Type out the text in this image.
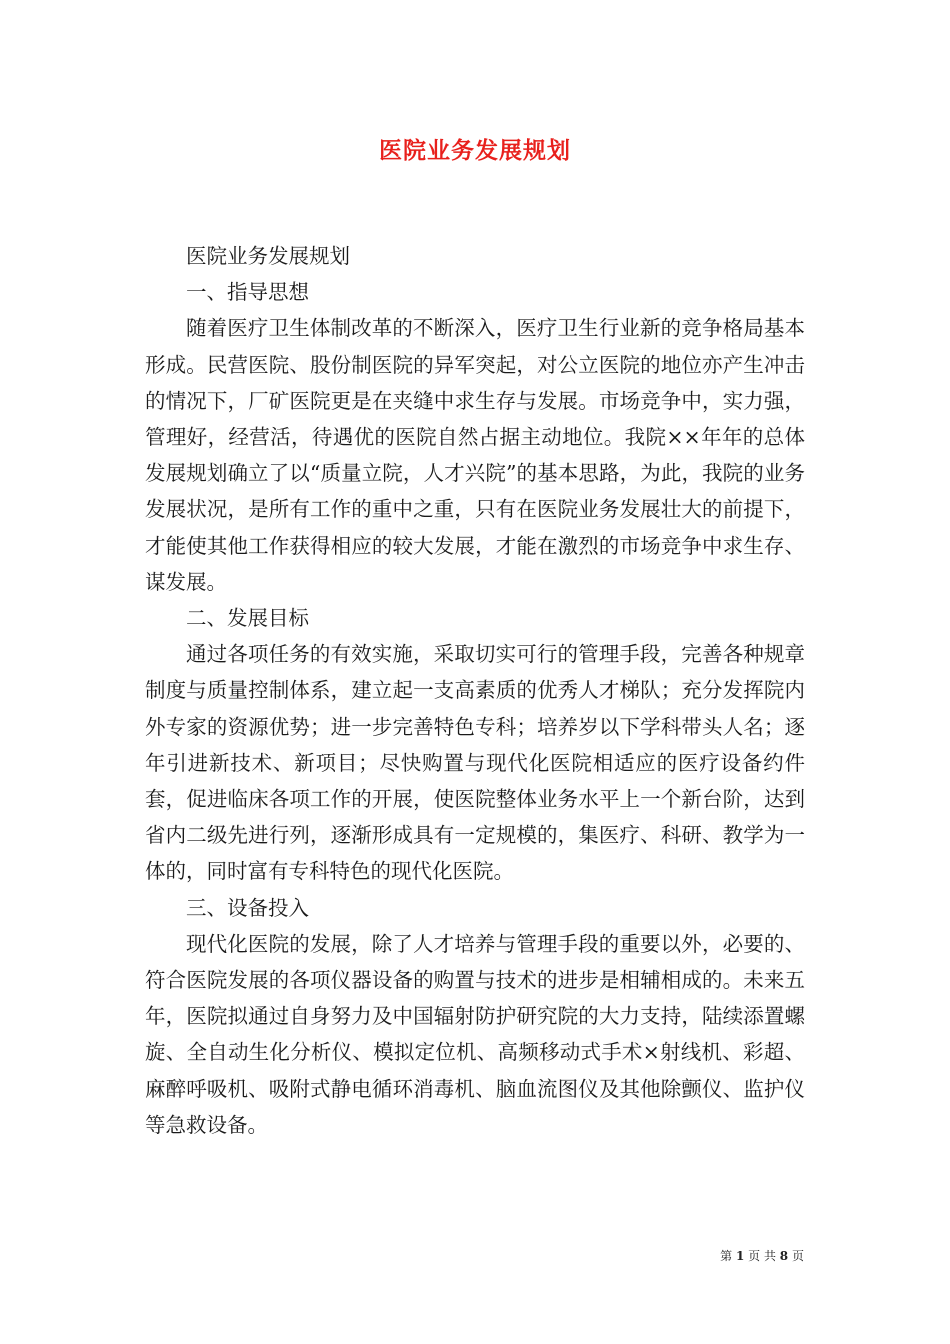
医院业务发展规划

医院业务发展规划

一、指导思想

随着医疗卫生体制改革的不断深入，医疗卫生行业新的竞争格局基本形成。民营医院、股份制医院的异军突起，对公立医院的地位亦产生冲击的情况下，厂矿医院更是在夹缝中求生存与发展。市场竞争中，实力强，管理好，经营活，待遇优的医院自然占据主动地位。我院××年年的总体发展规划确立了以“质量立院，人才兴院”的基本思路，为此，我院的业务发展状况，是所有工作的重中之重，只有在医院业务发展壮大的前提下，才能使其他工作获得相应的较大发展，才能在激烈的市场竞争中求生存、谋发展。

二、发展目标

通过各项任务的有效实施，采取切实可行的管理手段，完善各种规章制度与质量控制体系，建立起一支高素质的优秀人才梯队；充分发挥院内外专家的资源优势；进一步完善特色专科；培养岁以下学科带头人名；逐年引进新技术、新项目；尽快购置与现代化医院相适应的医疗设备约件套，促进临床各项工作的开展，使医院整体业务水平上一个新台阶，达到省内二级先进行列，逐渐形成具有一定规模的，集医疗、科研、教学为一体的，同时富有专科特色的现代化医院。

三、设备投入

现代化医院的发展，除了人才培养与管理手段的重要以外，必要的、符合医院发展的各项仪器设备的购置与技术的进步是相辅相成的。未来五年，医院拟通过自身努力及中国辐射防护研究院的大力支持，陆续添置螺旋、全自动生化分析仪、模拟定位机、高频移动式手术×射线机、彩超、麻醉呼吸机、吸附式静电循环消毒机、脑血流图仪及其他除颤仪、监护仪等急救设备。

第 1 页 共 8 页
